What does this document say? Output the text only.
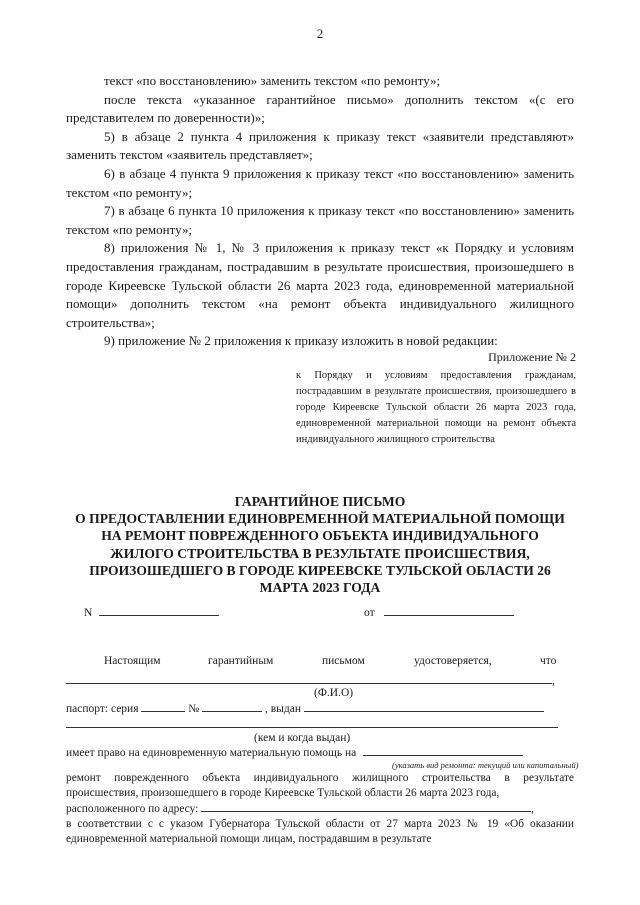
2

текст «по восстановлению» заменить текстом «по ремонту»;

после текста «указанное гарантийное письмо» дополнить текстом «(с его представителем по доверенности)»;

5) в абзаце 2 пункта 4 приложения к приказу текст «заявители представляют» заменить текстом «заявитель представляет»;

6) в абзаце 4 пункта 9 приложения к приказу текст «по восстановлению» заменить текстом «по ремонту»;

7) в абзаце 6 пункта 10 приложения к приказу текст «по восстановлению» заменить текстом «по ремонту»;

8) приложения № 1, № 3 приложения к приказу текст «к Порядку и условиям предоставления гражданам, пострадавшим в результате происшествия, произошедшего в городе Киреевске Тульской области 26 марта 2023 года, единовременной материальной помощи» дополнить текстом «на ремонт объекта индивидуального жилищного строительства»;

9) приложение № 2 приложения к приказу изложить в новой редакции:

Приложение № 2
к Порядку и условиям предоставления гражданам, пострадавшим в результате происшествия, произошедшего в городе Киреевске Тульской области 26 марта 2023 года, единовременной материальной помощи на ремонт объекта индивидуального жилищного строительства
ГАРАНТИЙНОЕ ПИСЬМО
О ПРЕДОСТАВЛЕНИИ ЕДИНОВРЕМЕННОЙ МАТЕРИАЛЬНОЙ ПОМОЩИ
НА РЕМОНТ ПОВРЕЖДЕННОГО ОБЪЕКТА ИНДИВИДУАЛЬНОГО
ЖИЛОГО СТРОИТЕЛЬСТВА В РЕЗУЛЬТАТЕ ПРОИСШЕСТВИЯ,
ПРОИЗОШЕДШЕГО В ГОРОДЕ КИРЕЕВСКЕ ТУЛЬСКОЙ ОБЛАСТИ 26
МАРТА 2023 ГОДА
N	от
Настоящим	гарантийным	письмом	удостоверяется,	что
,
(Ф.И.О)
паспорт: серия	№	, выдан
(кем и когда выдан)
имеет право на единовременную материальную помощь на
(указать вид ремонта: текущий или капитальный)

ремонт поврежденного объекта индивидуального жилищного строительства в результате происшествия, произошедшего в городе Киреевске Тульской области 26 марта 2023 года,

расположенного по адресу:	,

в соответствии с с указом Губернатора Тульской области от 27 марта 2023 № 19 «Об оказании единовременной материальной помощи лицам, пострадавшим в результате
